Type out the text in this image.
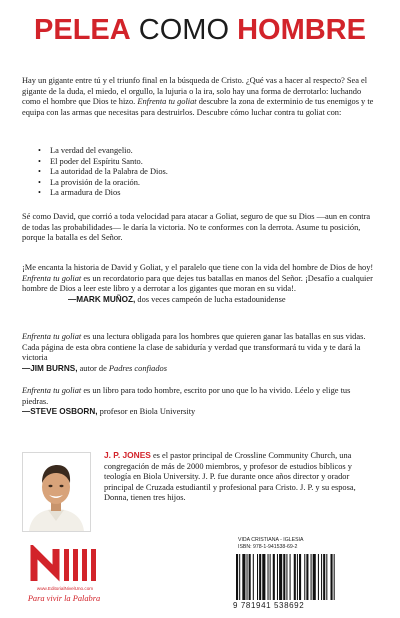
PELEA COMO HOMBRE
Hay un gigante entre tú y el triunfo final en la búsqueda de Cristo. ¿Qué vas a hacer al respecto? Sea el gigante de la duda, el miedo, el orgullo, la lujuria o la ira, solo hay una forma de derrotarlo: luchando como el hombre que Dios te hizo. Enfrenta tu goliat descubre la zona de exterminio de tus enemigos y te equipa con las armas que necesitas para destruirlos. Descubre cómo luchar contra tu goliat con:
• La verdad del evangelio.
• El poder del Espíritu Santo.
• La autoridad de la Palabra de Dios.
• La provisión de la oración.
• La armadura de Dios
Sé como David, que corrió a toda velocidad para atacar a Goliat, seguro de que su Dios —aun en contra de todas las probabilidades— le daría la victoria. No te conformes con la derrota. Asume tu posición, porque la batalla es del Señor.
¡Me encanta la historia de David y Goliat, y el paralelo que tiene con la vida del hombre de Dios de hoy! Enfrenta tu goliat es un recordatorio para que dejes tus batallas en manos del Señor. ¡Desafío a cualquier hombre de Dios a leer este libro y a derrotar a los gigantes que moran en su vida!.
—MARK MUÑOZ, dos veces campeón de lucha estadounidense
Enfrenta tu goliat es una lectura obligada para los hombres que quieren ganar las batallas en sus vidas. Cada página de esta obra contiene la clase de sabiduría y verdad que transformará tu vida y te dará la victoria
—JIM BURNS, autor de Padres confiados
Enfrenta tu goliat es un libro para todo hombre, escrito por uno que lo ha vivido. Léelo y elige tus piedras.
—STEVE OSBORN, profesor en Biola University
J. P. JONES es el pastor principal de Crossline Community Church, una congregación de más de 2000 miembros, y profesor de estudios bíblicos y teología en Biola University. J. P. fue durante once años director y orador principal de Cruzada estudiantil y profesional para Cristo. J. P. y su esposa, Donna, tienen tres hijos.
www.EditorialNivelUno.com
Para vivir la Palabra
VIDA CRISTIANA - IGLESIA
ISBN: 978-1-941538-69-2
9 781941 538692
